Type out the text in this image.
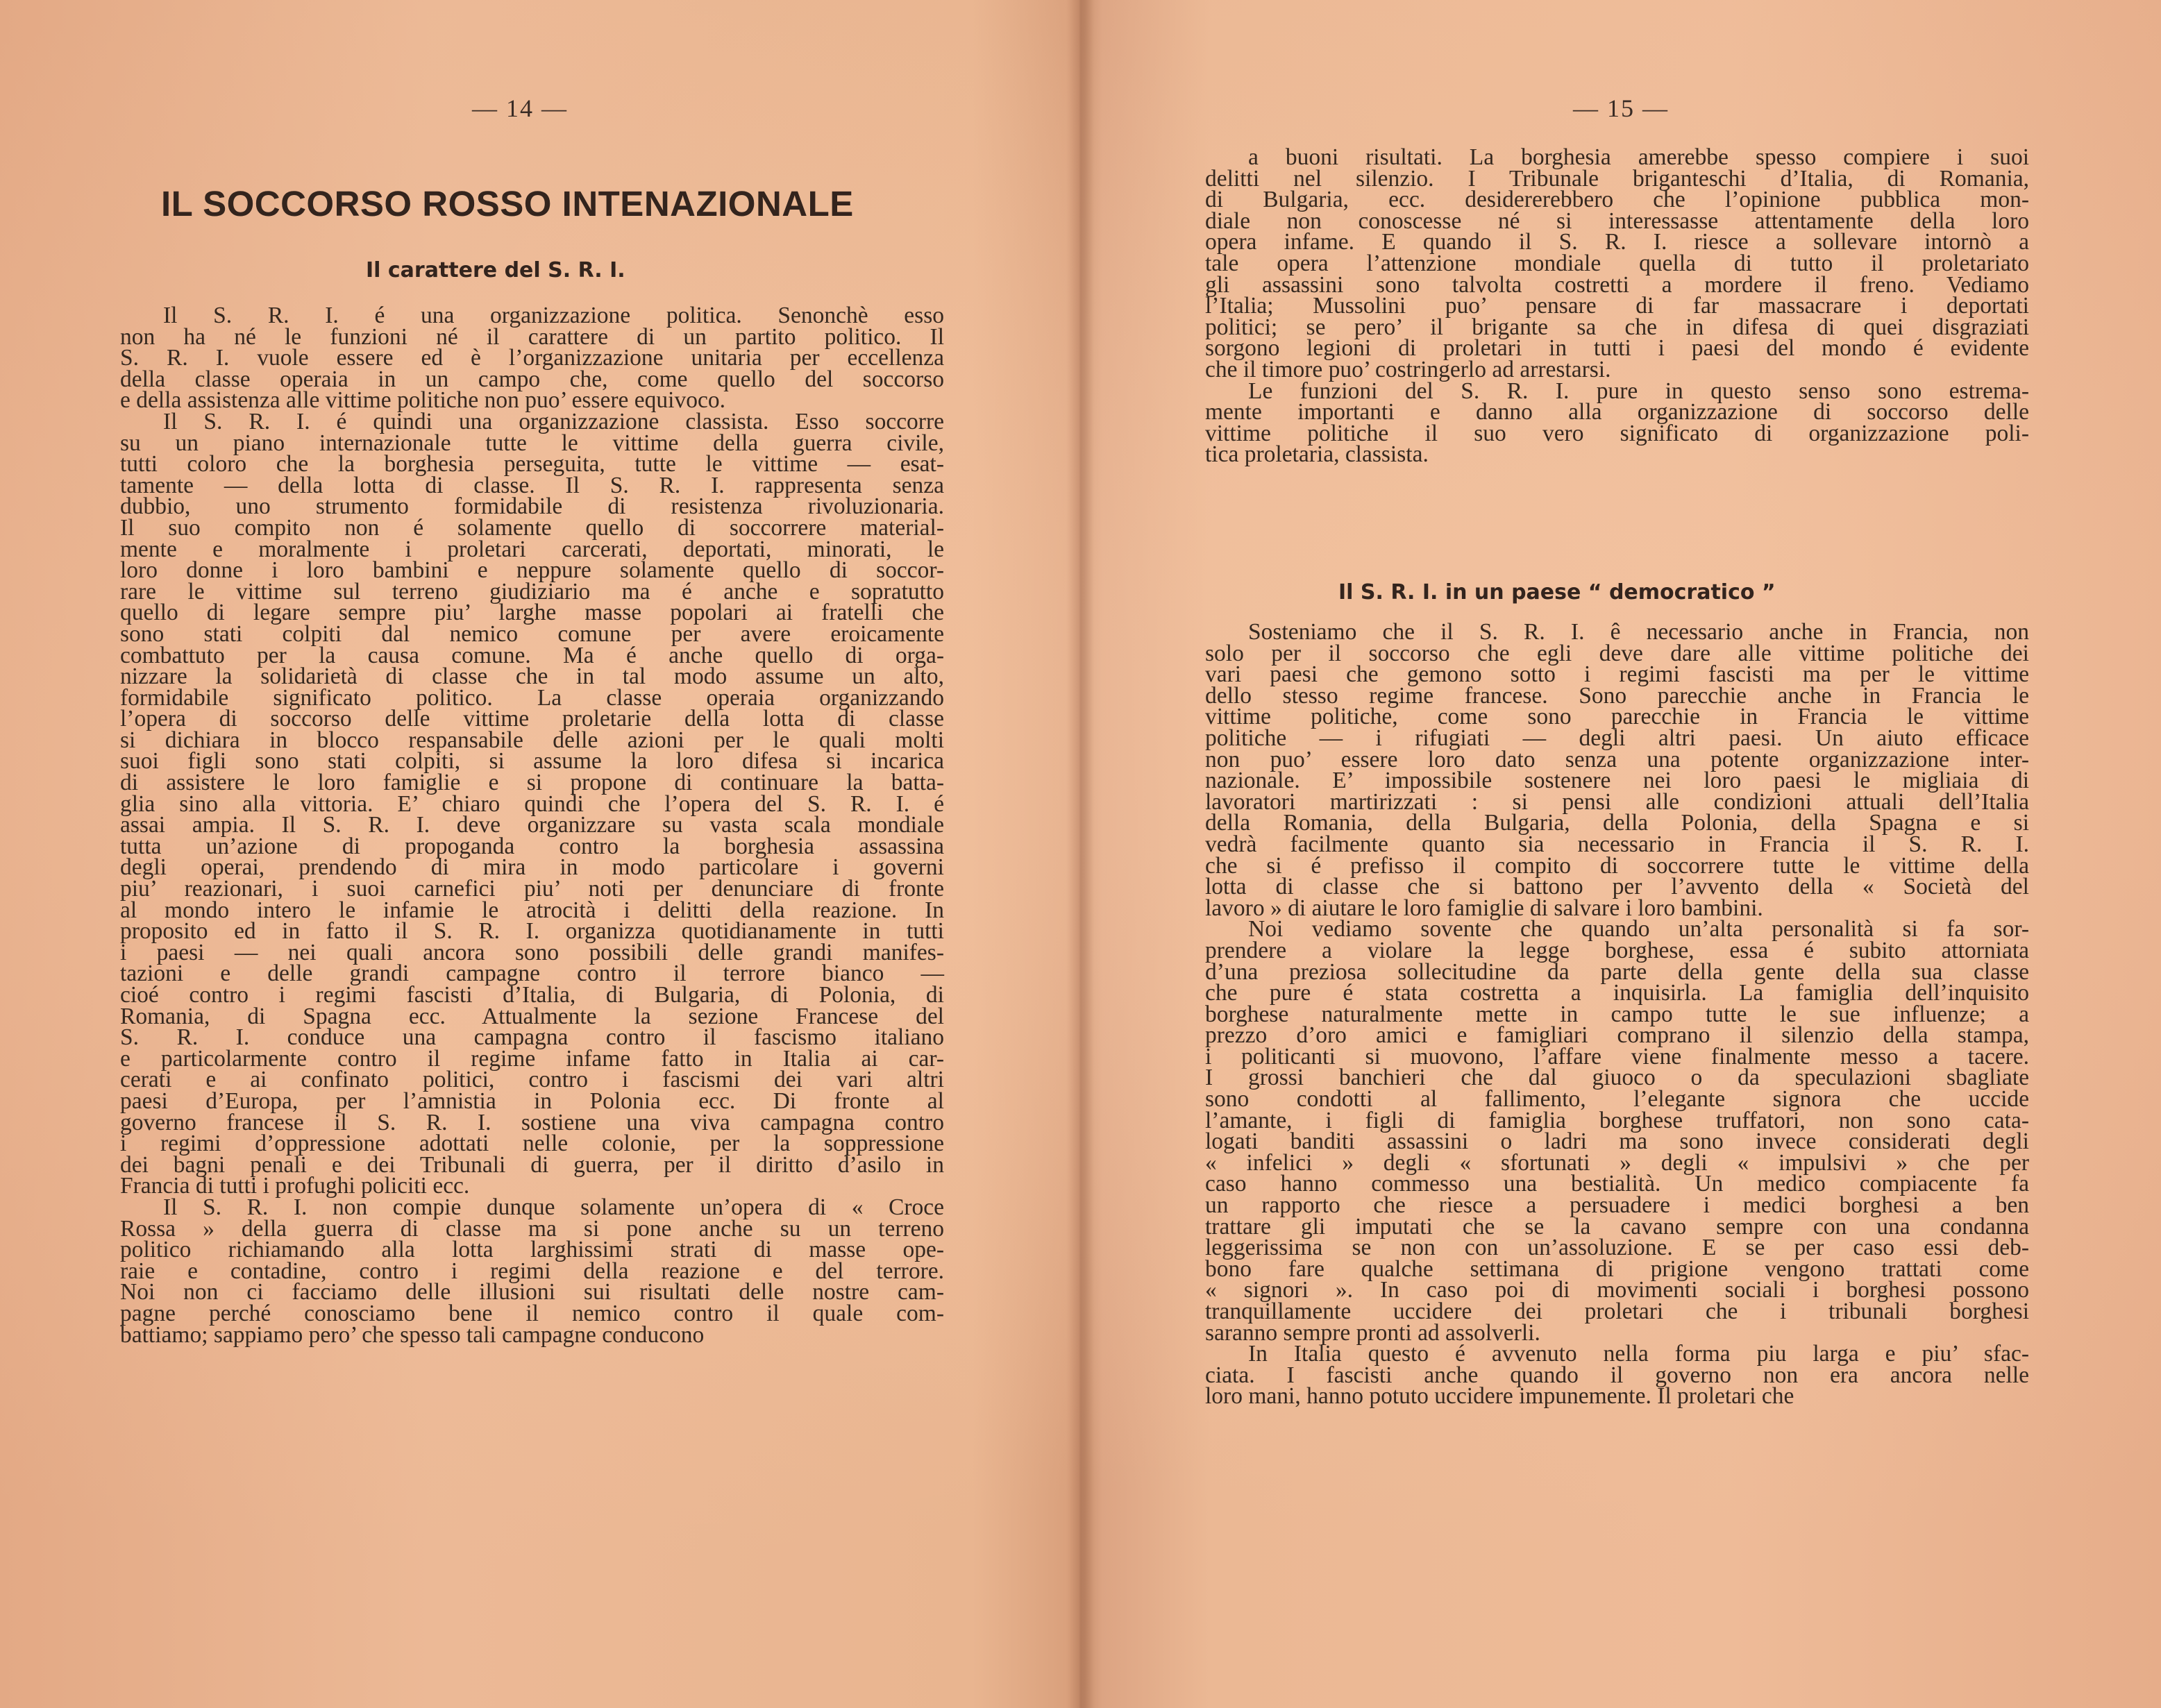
— 14 —
IL SOCCORSO ROSSO INTENAZIONALE
Il carattere del S. R. I.
Il S. R. I. é una organizzazione politica. Senonchè esso
non ha né le funzioni né il carattere di un partito politico. Il
S. R. I. vuole essere ed è l’organizzazione unitaria per eccellenza
della classe operaia in un campo che, come quello del soccorso
e della assistenza alle vittime politiche non puo’ essere equivoco.
Il S. R. I. é quindi una organizzazione classista. Esso soccorre
su un piano internazionale tutte le vittime della guerra civile,
tutti coloro che la borghesia perseguita, tutte le vittime — esat-
tamente — della lotta di classe. Il S. R. I. rappresenta senza
dubbio, uno strumento formidabile di resistenza rivoluzionaria.
Il suo compito non é solamente quello di soccorrere material-
mente e moralmente i proletari carcerati, deportati, minorati, le
loro donne i loro bambini e neppure solamente quello di soccor-
rare le vittime sul terreno giudiziario ma é anche e sopratutto
quello di legare sempre piu’ larghe masse popolari ai fratelli che
sono stati colpiti dal nemico comune per avere eroicamente
combattuto per la causa comune. Ma é anche quello di orga-
nizzare la solidarietà di classe che in tal modo assume un alto,
formidabile significato politico. La classe operaia organizzando
l’opera di soccorso delle vittime proletarie della lotta di classe
si dichiara in blocco respansabile delle azioni per le quali molti
suoi figli sono stati colpiti, si assume la loro difesa si incarica
di assistere le loro famiglie e si propone di continuare la batta-
glia sino alla vittoria. E’ chiaro quindi che l’opera del S. R. I. é
assai ampia. Il S. R. I. deve organizzare su vasta scala mondiale
tutta un’azione di propoganda contro la borghesia assassina
degli operai, prendendo di mira in modo particolare i governi
piu’ reazionari, i suoi carnefici piu’ noti per denunciare di fronte
al mondo intero le infamie le atrocità i delitti della reazione. In
proposito ed in fatto il S. R. I. organizza quotidianamente in tutti
i paesi — nei quali ancora sono possibili delle grandi manifes-
tazioni e delle grandi campagne contro il terrore bianco —
cioé contro i regimi fascisti d’Italia, di Bulgaria, di Polonia, di
Romania, di Spagna ecc. Attualmente la sezione Francese del
S. R. I. conduce una campagna contro il fascismo italiano
e particolarmente contro il regime infame fatto in Italia ai car-
cerati e ai confinato politici, contro i fascismi dei vari altri
paesi d’Europa, per l’amnistia in Polonia ecc. Di fronte al
governo francese il S. R. I. sostiene una viva campagna contro
i regimi d’oppressione adottati nelle colonie, per la soppressione
dei bagni penali e dei Tribunali di guerra, per il diritto d’asilo in
Francia di tutti i profughi policiti ecc.
Il S. R. I. non compie dunque solamente un’opera di « Croce
Rossa » della guerra di classe ma si pone anche su un terreno
politico richiamando alla lotta larghissimi strati di masse ope-
raie e contadine, contro i regimi della reazione e del terrore.
Noi non ci facciamo delle illusioni sui risultati delle nostre cam-
pagne perché conosciamo bene il nemico contro il quale com-
battiamo; sappiamo pero’ che spesso tali campagne conducono
— 15 —
a buoni risultati. La borghesia amerebbe spesso compiere i suoi
delitti nel silenzio. I Tribunale briganteschi d’Italia, di Romania,
di Bulgaria, ecc. desidererebbero che l’opinione pubblica mon-
diale non conoscesse né si interessasse attentamente della loro
opera infame. E quando il S. R. I. riesce a sollevare intornò a
tale opera l’attenzione mondiale quella di tutto il proletariato
gli assassini sono talvolta costretti a mordere il freno. Vediamo
l’Italia; Mussolini puo’ pensare di far massacrare i deportati
politici; se pero’ il brigante sa che in difesa di quei disgraziati
sorgono legioni di proletari in tutti i paesi del mondo é evidente
che il timore puo’ costringerlo ad arrestarsi.
Le funzioni del S. R. I. pure in questo senso sono estrema-
mente importanti e danno alla organizzazione di soccorso delle
vittime politiche il suo vero significato di organizzazione poli-
tica proletaria, classista.
Il S. R. I. in un paese “ democratico ”
Sosteniamo che il S. R. I. ê necessario anche in Francia, non
solo per il soccorso che egli deve dare alle vittime politiche dei
vari paesi che gemono sotto i regimi fascisti ma per le vittime
dello stesso regime francese. Sono parecchie anche in Francia le
vittime politiche, come sono parecchie in Francia le vittime
politiche — i rifugiati — degli altri paesi. Un aiuto efficace
non puo’ essere loro dato senza una potente organizzazione inter-
nazionale. E’ impossibile sostenere nei loro paesi le migliaia di
lavoratori martirizzati : si pensi alle condizioni attuali dell’Italia
della Romania, della Bulgaria, della Polonia, della Spagna e si
vedrà facilmente quanto sia necessario in Francia il S. R. I.
che si é prefisso il compito di soccorrere tutte le vittime della
lotta di classe che si battono per l’avvento della « Società del
lavoro » di aiutare le loro famiglie di salvare i loro bambini.
Noi vediamo sovente che quando un’alta personalità si fa sor-
prendere a violare la legge borghese, essa é subito attorniata
d’una preziosa sollecitudine da parte della gente della sua classe
che pure é stata costretta a inquisirla. La famiglia dell’inquisito
borghese naturalmente mette in campo tutte le sue influenze; a
prezzo d’oro amici e famigliari comprano il silenzio della stampa,
i politicanti si muovono, l’affare viene finalmente messo a tacere.
I grossi banchieri che dal giuoco o da speculazioni sbagliate
sono condotti al fallimento, l’elegante signora che uccide
l’amante, i figli di famiglia borghese truffatori, non sono cata-
logati banditi assassini o ladri ma sono invece considerati degli
« infelici » degli « sfortunati » degli « impulsivi » che per
caso hanno commesso una bestialità. Un medico compiacente fa
un rapporto che riesce a persuadere i medici borghesi a ben
trattare gli imputati che se la cavano sempre con una condanna
leggerissima se non con un’assoluzione. E se per caso essi deb-
bono fare qualche settimana di prigione vengono trattati come
« signori ». In caso poi di movimenti sociali i borghesi possono
tranquillamente uccidere dei proletari che i tribunali borghesi
saranno sempre pronti ad assolverli.
In Italia questo é avvenuto nella forma piu larga e piu’ sfac-
ciata. I fascisti anche quando il governo non era ancora nelle
loro mani, hanno potuto uccidere impunemente. Il proletari che
